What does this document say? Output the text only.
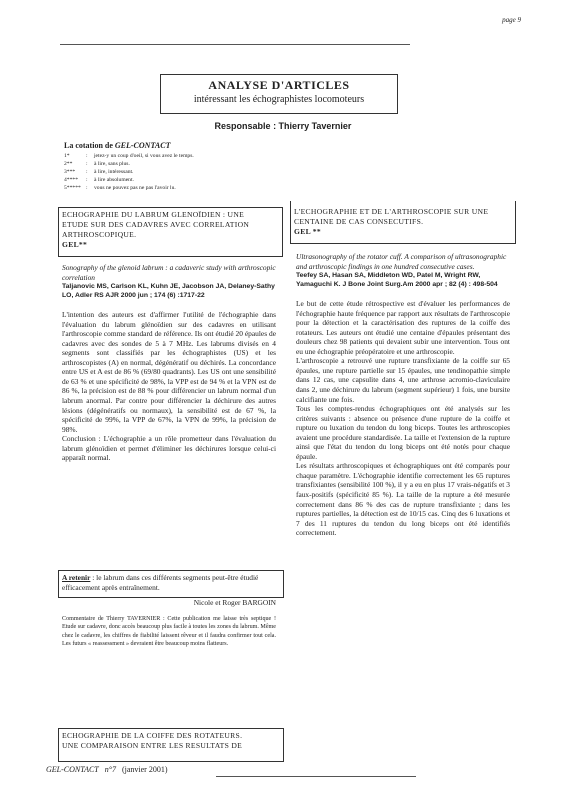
page 9
ANALYSE D'ARTICLES
intéressant les échographistes locomoteurs
Responsable : Thierry Tavernier
La cotation de GEL-CONTACT
1*	: jetez-y un coup d'oeil, si vous avez le temps.
2** : à lire, sans plus.
3*** : à lire, intéressant.
4**** : à lire absolument.
5***** : vous ne pouvez pas ne pas l'avoir lu.
ECHOGRAPHIE DU LABRUM GLENOÏDIEN : UNE
ETUDE SUR DES CADAVRES AVEC CORRELATION
ARTHROSCOPIQUE.
GEL**

Sonography of the glenoid labrum : a cadaveric study with arthroscopic correlation

Taljanovic MS, Carlson KL, Kuhn JE, Jacobson JA, Delaney-Sathy LO, Adler RS AJR 2000 jun ; 174 (6) :1717-22

L'intention des auteurs est d'affirmer l'utilité de l'échographie dans l'évaluation du labrum glénoïdien sur des cadavres en utilisant l'arthroscopie comme standard de référence. Ils ont étudié 20 épaules de cadavres avec des sondes de 5 à 7 MHz. Les labrums divisés en 4 segments sont classifiés par les échographistes (US) et les arthroscopistes (A) en normal, dégénératif ou déchirés. La concordance entre US et A est de 86 % (69/80 quadrants). Les US ont une sensibilité de 63 % et une spécificité de 98%, la VPP est de 94 % et la VPN est de 86 %, la précision est de 88 % pour différencier un labrum normal d'un labrum anormal. Par contre pour différencier la déchirure des autres lésions (dégénératifs ou normaux), la sensibilité est de 67 %, la spécificité de 99%, la VPP de 67%, la VPN de 99%, la précision de 98%.

Conclusion : L'échographie a un rôle prometteur dans l'évaluation du labrum glénoïdien et permet d'éliminer les déchirures lorsque celui-ci apparaît normal.

A retenir : le labrum dans ces différents segments peut-être étudié efficacement après entraînement.
Nicole et Roger BARGOIN
Commentaire de Thierry TAVERNIER : Cette publication me laisse très septique ! Etude sur cadavre, donc accès beaucoup plus facile à toutes les zones du labrum. Même chez le cadavre, les chiffres de fiabilité laissent rêveur et il faudra confirmer tout cela. Les futurs « reassessment » devraient être beaucoup moins flatteurs.
ECHOGRAPHIE DE LA COIFFE DES ROTATEURS.
UNE COMPARAISON ENTRE LES RESULTATS DE
L'ECHOGRAPHIE ET DE L'ARTHROSCOPIE SUR UNE
CENTAINE DE CAS CONSECUTIFS.
GEL **

Ultrasonography of the rotator cuff. A comparison of ultrasonographic and arthroscopic findings in one hundred consecutive cases.

Teefey SA, Hasan SA, Middleton WD, Patel M, Wright RW, Yamaguchi K. J Bone Joint Surg.Am 2000 apr ; 82 (4) : 498-504

Le but de cette étude rétrospective est d'évaluer les performances de l'échographie haute fréquence par rapport aux résultats de l'arthroscopie pour la détection et la caractérisation des ruptures de la coiffe des rotateurs. Les auteurs ont étudié une centaine d'épaules présentant des douleurs chez 98 patients qui devaient subir une intervention. Tous ont eu une échographie préopératoire et une arthroscopie.

L'arthroscopie a retrouvé une rupture transfixiante de la coiffe sur 65 épaules, une rupture partielle sur 15 épaules, une tendinopathie simple dans 12 cas, une capsulite dans 4, une arthrose acromio-claviculaire dans 2, une déchirure du labrum (segment supérieur) 1 fois, une bursite calcifiante une fois.

Tous les comptes-rendus échographiques ont été analysés sur les critères suivants : absence ou présence d'une rupture de la coiffe et rupture ou luxation du tendon du long biceps. Toutes les arthroscopies avaient une procédure standardisée. La taille et l'extension de la rupture ainsi que l'état du tendon du long biceps ont été notés pour chaque épaule.

Les résultats arthroscopiques et échographiques ont été comparés pour chaque paramètre. L'échographie identifie correctement les 65 ruptures transfixiantes (sensibilité 100 %), il y a eu en plus 17 vrais-négatifs et 3 faux-positifs (spécificité 85 %). La taille de la rupture a été mesurée correctement dans 86 % des cas de rupture transfixiante ; dans les ruptures partielles, la détection est de 10/15 cas. Cinq des 6 luxations et 7 des 11 ruptures du tendon du long biceps ont été identifiés correctement.

GEL-CONTACT n°7 (janvier 2001)
